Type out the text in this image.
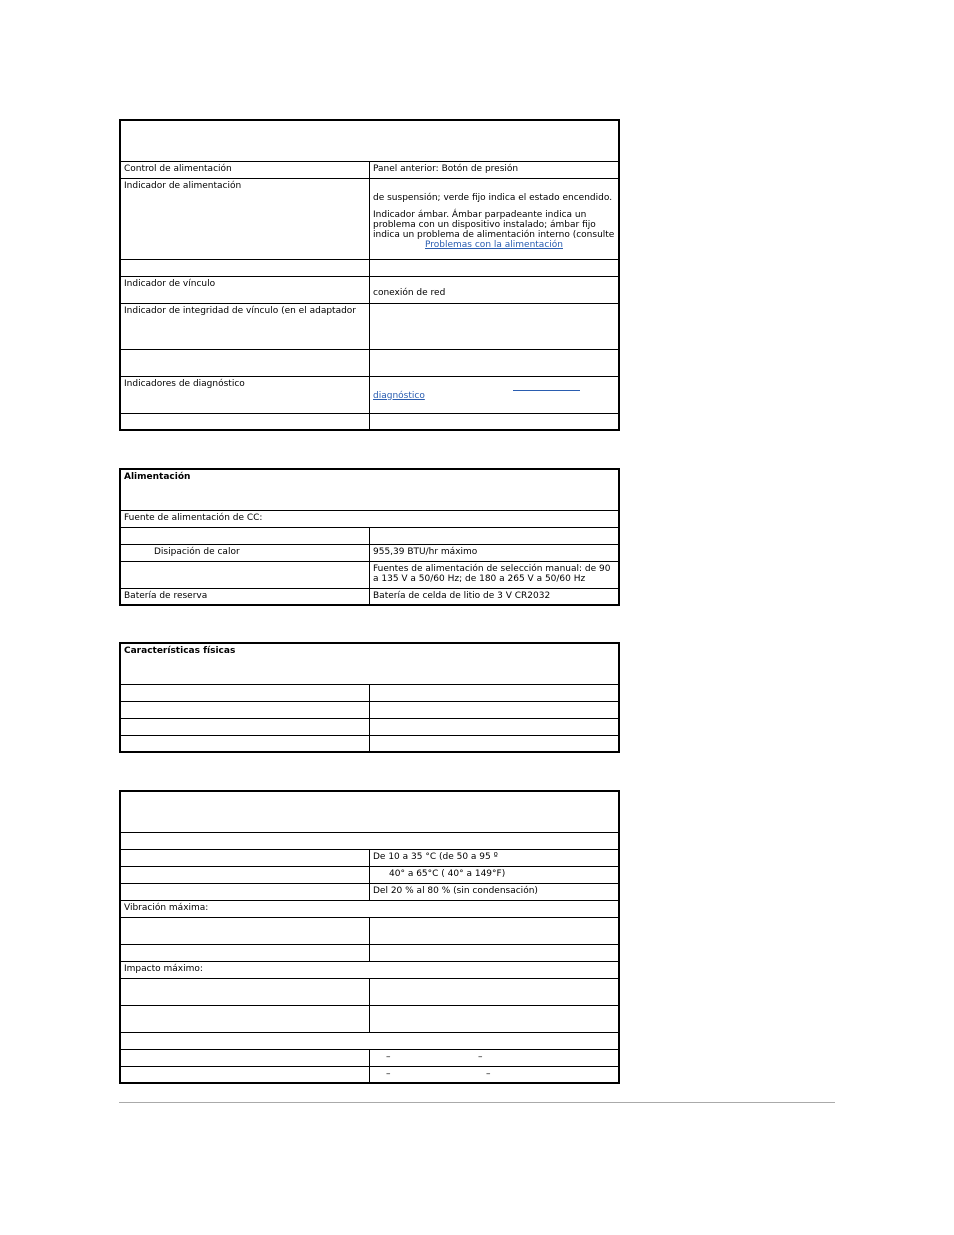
Control de alimentación	Panel anterior: Botón de presión
Indicador de alimentación	de suspensión; verde fijo indica el estado encendido.
Indicador ámbar. Ámbar parpadeante indica un problema con un dispositivo instalado; ámbar fijo indica un problema de alimentación interno (consulte
Problemas con la alimentación

Indicador de vínculo	conexión de red

Indicador de integridad de vínculo (en el adaptador	

Indicadores de diagnóstico	diagnóstico

Alimentación	
Fuente de alimentación de CC:	

Disipación de calor	955,39 BTU/hr máximo
	Fuentes de alimentación de selección manual: de 90 a 135 V a 50/60 Hz; de 180 a 265 V a 50/60 Hz
Batería de reserva	Batería de celda de litio de 3 V CR2032
Características físicas	

	De 10 a 35 °C (de 50 a 95 º
	40° a 65°C ( 40° a 149°F)
	Del 20 % al 80 % (sin condensación)
Vibración máxima:	

Impacto máximo:	

	– –

	– –
